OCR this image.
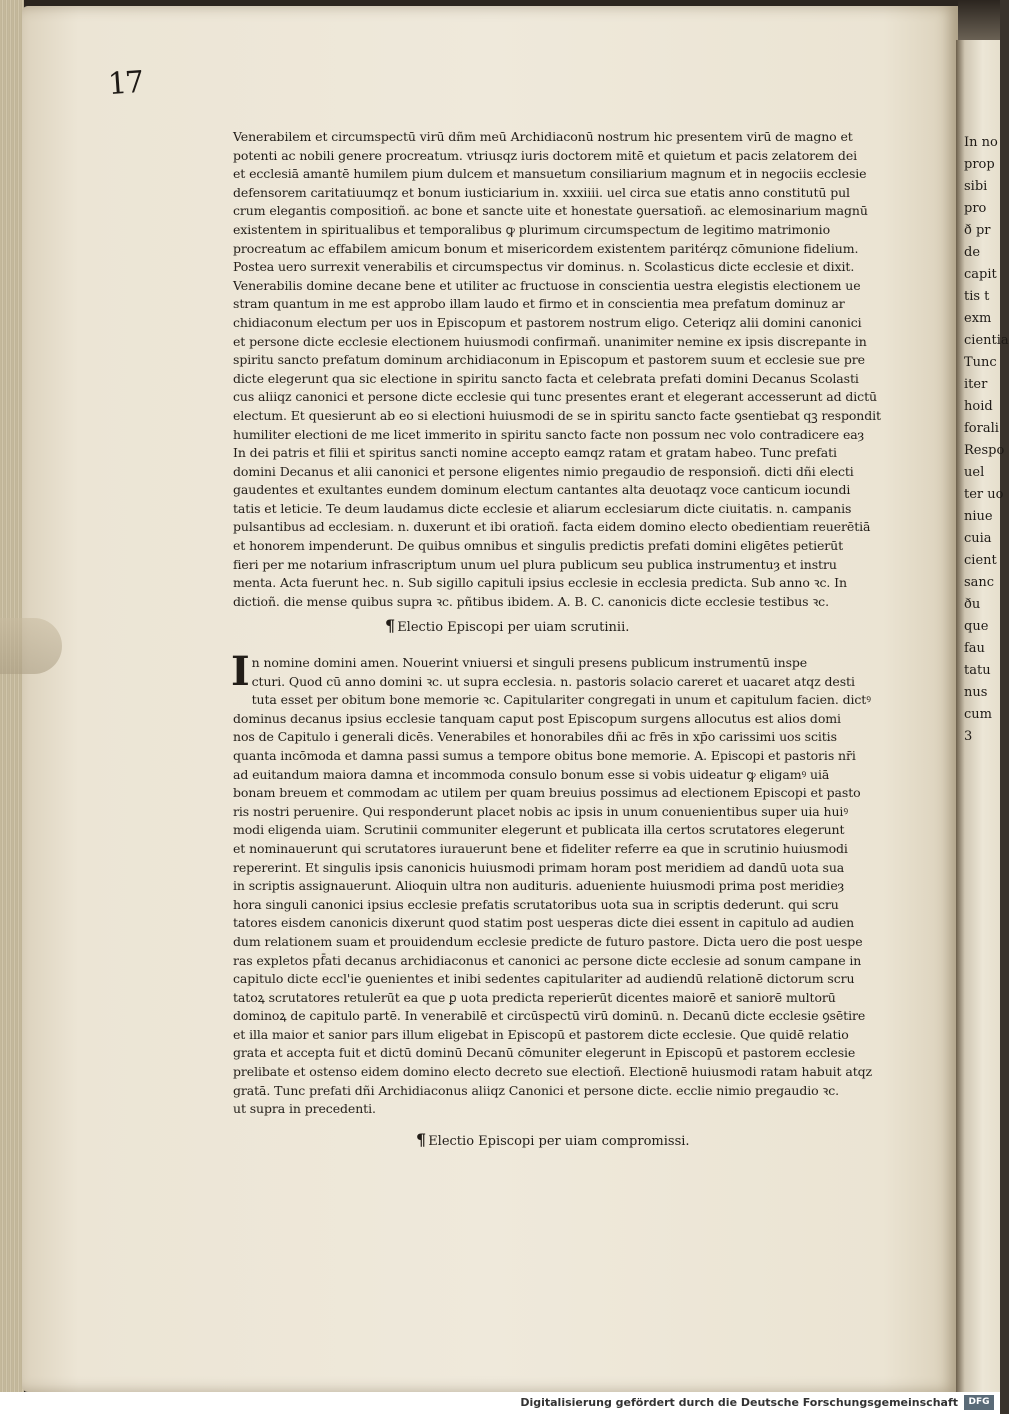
In no
prop
sibi
pro
ð pr
de
capit
tis t
exm
cientia
Tunc
iter
hoid
forali
Respo
uel
ter uo
niue
cuia
cient
sanc
ðu
que
fau
tatu
nus
cum
3
17
Venerabilem et circumspectū virū dñm meū Archidiaconū nostrum hic presentem virū de magno et
potenti ac nobili genere procreatum. vtriusqz iuris doctorem mitē et quietum et pacis zelatorem dei
et ecclesiā amantē humilem pium dulcem et mansuetum consiliarium magnum et in negociis ecclesie
defensorem caritatiuumqz et bonum iusticiarium in. xxxiiii. uel circa sue etatis anno constitutū pul
crum elegantis compositioñ. ac bone et sancte uite et honestate ꝯuersatioñ. ac elemosinarium magnū
existentem in spiritualibus et temporalibus ꝙ plurimum circumspectum de legitimo matrimonio
procreatum ac effabilem amicum bonum et misericordem existentem paritérqz cōmunione fidelium.
Postea uero surrexit venerabilis et circumspectus vir dominus. n. Scolasticus dicte ecclesie et dixit.
Venerabilis domine decane bene et utiliter ac fructuose in conscientia uestra elegistis electionem ue
stram quantum in me est approbo illam laudo et firmo et in conscientia mea prefatum dominuz ar
chidiaconum electum per uos in Episcopum et pastorem nostrum eligo. Ceteriqz alii domini canonici
et persone dicte ecclesie electionem huiusmodi confirmañ. unanimiter nemine ex ipsis discrepante in
spiritu sancto prefatum dominum archidiaconum in Episcopum et pastorem suum et ecclesie sue pre
dicte elegerunt qua sic electione in spiritu sancto facta et celebrata prefati domini Decanus Scolasti
cus aliiqz canonici et persone dicte ecclesie qui tunc presentes erant et elegerant accesserunt ad dictū
electum. Et quesierunt ab eo si electioni huiusmodi de se in spiritu sancto facte ꝯsentiebat qꝫ respondit
humiliter electioni de me licet immerito in spiritu sancto facte non possum nec volo contradicere eaȝ
In dei patris et filii et spiritus sancti nomine accepto eamqz ratam et gratam habeo. Tunc prefati
domini Decanus et alii canonici et persone eligentes nimio pregaudio de responsioñ. dicti dñi electi
gaudentes et exultantes eundem dominum electum cantantes alta deuotaqz voce canticum iocundi
tatis et leticie. Te deum laudamus dicte ecclesie et aliarum ecclesiarum dicte ciuitatis. n. campanis
pulsantibus ad ecclesiam. n. duxerunt et ibi oratioñ. facta eidem domino electo obedientiam reuerētiā
et honorem impenderunt. De quibus omnibus et singulis predictis prefati domini eligētes petierūt
fieri per me notarium infrascriptum unum uel plura publicum seu publica instrumentuȝ et instru
menta. Acta fuerunt hec. n. Sub sigillo capituli ipsius ecclesie in ecclesia predicta. Sub anno ꝛc. In
dictioñ. die mense quibus supra ꝛc. pñtibus ibidem. A. B. C. canonicis dicte ecclesie testibus ꝛc.
¶ Electio Episcopi per uiam scrutinii.
I n nomine domini amen. Nouerint vniuersi et singuli presens publicum instrumentū inspe
cturi. Quod cū anno domini ꝛc. ut supra ecclesia. n. pastoris solacio careret et uacaret atqz desti
tuta esset per obitum bone memorie ꝛc. Capitulariter congregati in unum et capitulum facien. dictꝰ
dominus decanus ipsius ecclesie tanquam caput post Episcopum surgens allocutus est alios domi
nos de Capitulo i generali dicēs. Venerabiles et honorabiles dñi ac frēs in xp̄o carissimi uos scitis
quanta incōmoda et damna passi sumus a tempore obitus bone memorie. A. Episcopi et pastoris nr̄i
ad euitandum maiora damna et incommoda consulo bonum esse si vobis uideatur ꝙ eligamꝰ uiā
bonam breuem et commodam ac utilem per quam breuius possimus ad electionem Episcopi et pasto
ris nostri peruenire. Qui responderunt placet nobis ac ipsis in unum conuenientibus super uia huiꝰ
modi eligenda uiam. Scrutinii communiter elegerunt et publicata illa certos scrutatores elegerunt
et nominauerunt qui scrutatores iurauerunt bene et fideliter referre ea que in scrutinio huiusmodi
repererint. Et singulis ipsis canonicis huiusmodi primam horam post meridiem ad dandū uota sua
in scriptis assignauerunt. Alioquin ultra non audituris. adueniente huiusmodi prima post meridieȝ
hora singuli canonici ipsius ecclesie prefatis scrutatoribus uota sua in scriptis dederunt. qui scru
tatores eisdem canonicis dixerunt quod statim post uesperas dicte diei essent in capitulo ad audien
dum relationem suam et prouidendum ecclesie predicte de futuro pastore. Dicta uero die post uespe
ras expletos pf̄ati decanus archidiaconus et canonici ac persone dicte ecclesie ad sonum campane in
capitulo dicte eccl'ie ꝯuenientes et inibi sedentes capitulariter ad audiendū relationē dictorum scru
tatoꝝ scrutatores retulerūt ea que ꝑ uota predicta reperierūt dicentes maiorē et saniorē multorū
dominoꝝ de capitulo partē. In venerabilē et circūspectū virū dominū. n. Decanū dicte ecclesie ꝯsētire
et illa maior et sanior pars illum eligebat in Episcopū et pastorem dicte ecclesie. Que quidē relatio
grata et accepta fuit et dictū dominū Decanū cōmuniter elegerunt in Episcopū et pastorem ecclesie
prelibate et ostenso eidem domino electo decreto sue electioñ. Electionē huiusmodi ratam habuit atqz
gratā. Tunc prefati dñi Archidiaconus aliiqz Canonici et persone dicte. ecclie nimio pregaudio ꝛc.
ut supra in precedenti.
¶ Electio Episcopi per uiam compromissi.
Digitalisierung gefördert durch die Deutsche Forschungsgemeinschaft	DFG
